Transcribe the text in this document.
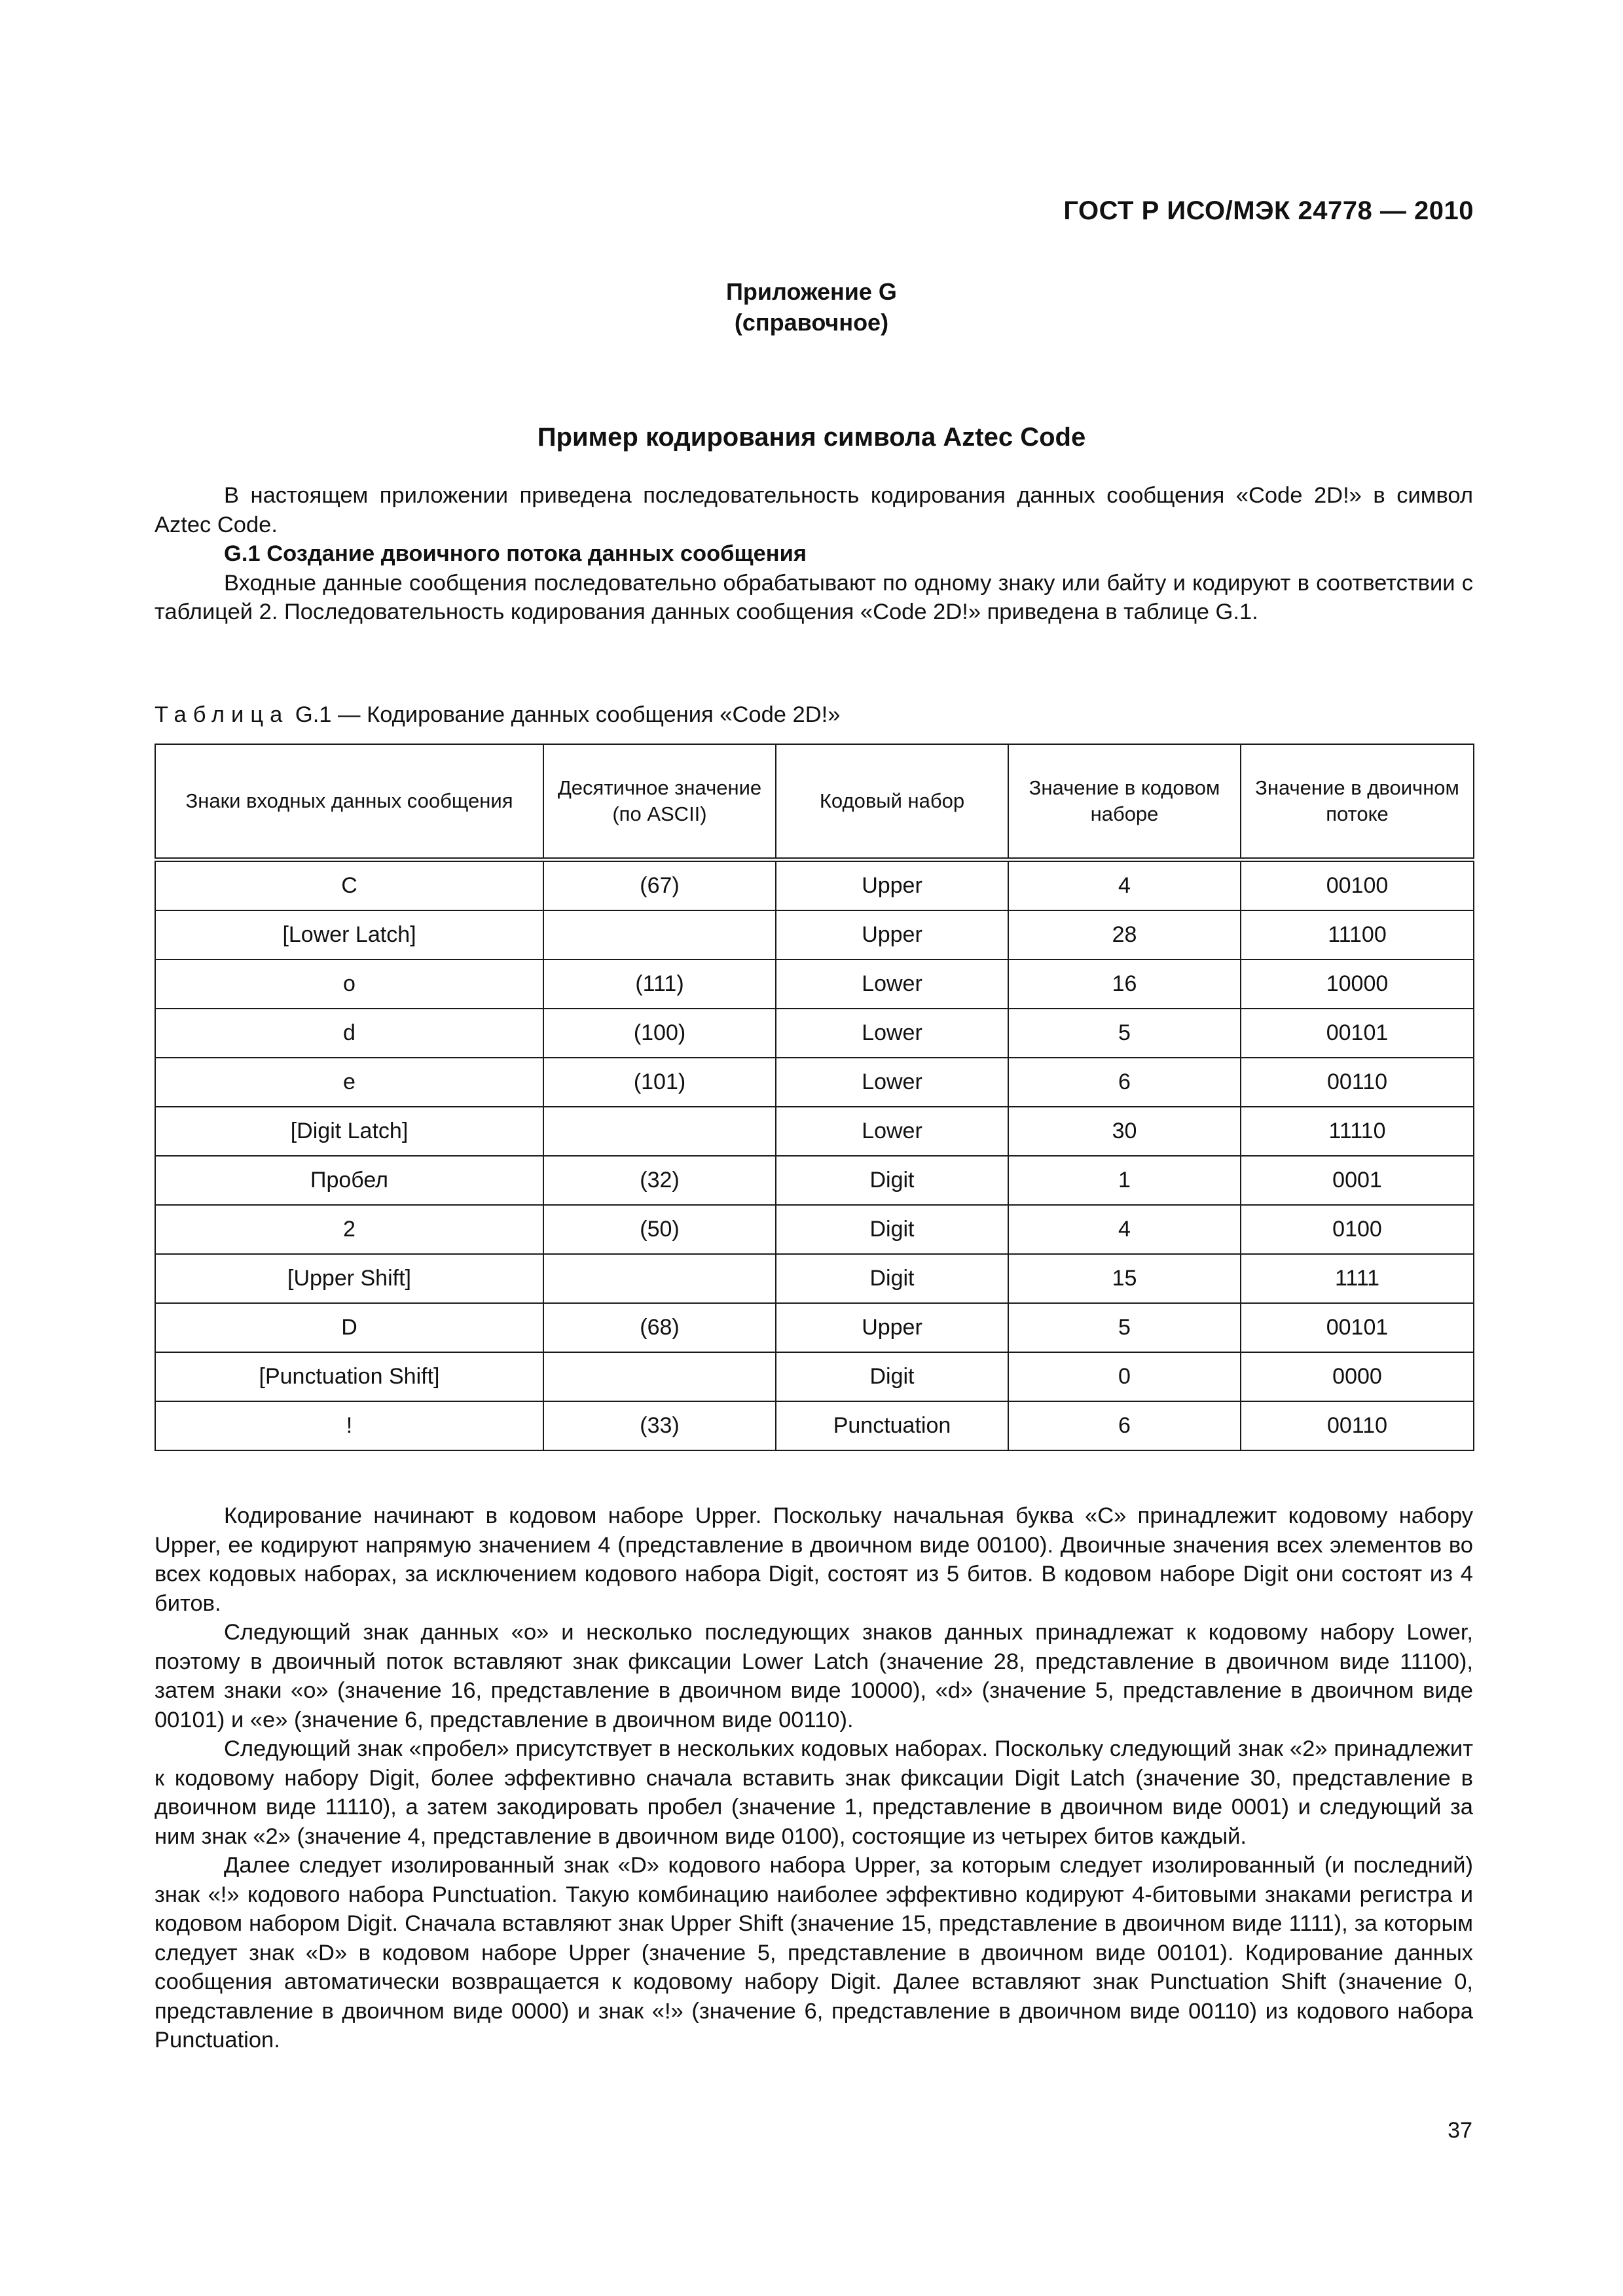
ГОСТ Р ИСО/МЭК 24778 — 2010
Приложение G
(справочное)
Пример кодирования символа Aztec Code

В настоящем приложении приведена последовательность кодирования данных сообщения «Code 2D!» в символ Aztec Code.

G.1 Создание двоичного потока данных сообщения

Входные данные сообщения последовательно обрабатывают по одному знаку или байту и кодируют в соответствии с таблицей 2. Последовательность кодирования данных сообщения «Code 2D!» приведена в таблице G.1.

Таблица G.1 — Кодирование данных сообщения «Code 2D!»
Знаки входных данных сообщения	Десятичное значение (по ASCII)	Кодовый набор	Значение в кодовом наборе	Значение в двоичном потоке
C	(67)	Upper	4	00100
[Lower Latch]		Upper	28	11100
o	(111)	Lower	16	10000
d	(100)	Lower	5	00101
e	(101)	Lower	6	00110
[Digit Latch]		Lower	30	11110
Пробел	(32)	Digit	1	0001
2	(50)	Digit	4	0100
[Upper Shift]		Digit	15	1111
D	(68)	Upper	5	00101
[Punctuation Shift]		Digit	0	0000
!	(33)	Punctuation	6	00110

Кодирование начинают в кодовом наборе Upper. Поскольку начальная буква «C» принадлежит кодовому набору Upper, ее кодируют напрямую значением 4 (представление в двоичном виде 00100). Двоичные значения всех элементов во всех кодовых наборах, за исключением кодового набора Digit, состоят из 5 битов. В кодовом наборе Digit они состоят из 4 битов.

Следующий знак данных «o» и несколько последующих знаков данных принадлежат к кодовому набору Lower, поэтому в двоичный поток вставляют знак фиксации Lower Latch (значение 28, представление в двоичном виде 11100), затем знаки «o» (значение 16, представление в двоичном виде 10000), «d» (значение 5, представление в двоичном виде 00101) и «e» (значение 6, представление в двоичном виде 00110).

Следующий знак «пробел» присутствует в нескольких кодовых наборах. Поскольку следующий знак «2» принадлежит к кодовому набору Digit, более эффективно сначала вставить знак фиксации Digit Latch (значение 30, представление в двоичном виде 11110), а затем закодировать пробел (значение 1, представление в двоичном виде 0001) и следующий за ним знак «2» (значение 4, представление в двоичном виде 0100), состоящие из четырех битов каждый.

Далее следует изолированный знак «D» кодового набора Upper, за которым следует изолированный (и последний) знак «!» кодового набора Punctuation. Такую комбинацию наиболее эффективно кодируют 4-битовыми знаками регистра и кодовом набором Digit. Сначала вставляют знак Upper Shift (значение 15, представление в двоичном виде 1111), за которым следует знак «D» в кодовом наборе Upper (значение 5, представление в двоичном виде 00101). Кодирование данных сообщения автоматически возвращается к кодовому набору Digit. Далее вставляют знак Punctuation Shift (значение 0, представление в двоичном виде 0000) и знак «!» (значение 6, представление в двоичном виде 00110) из кодового набора Punctuation.

37
